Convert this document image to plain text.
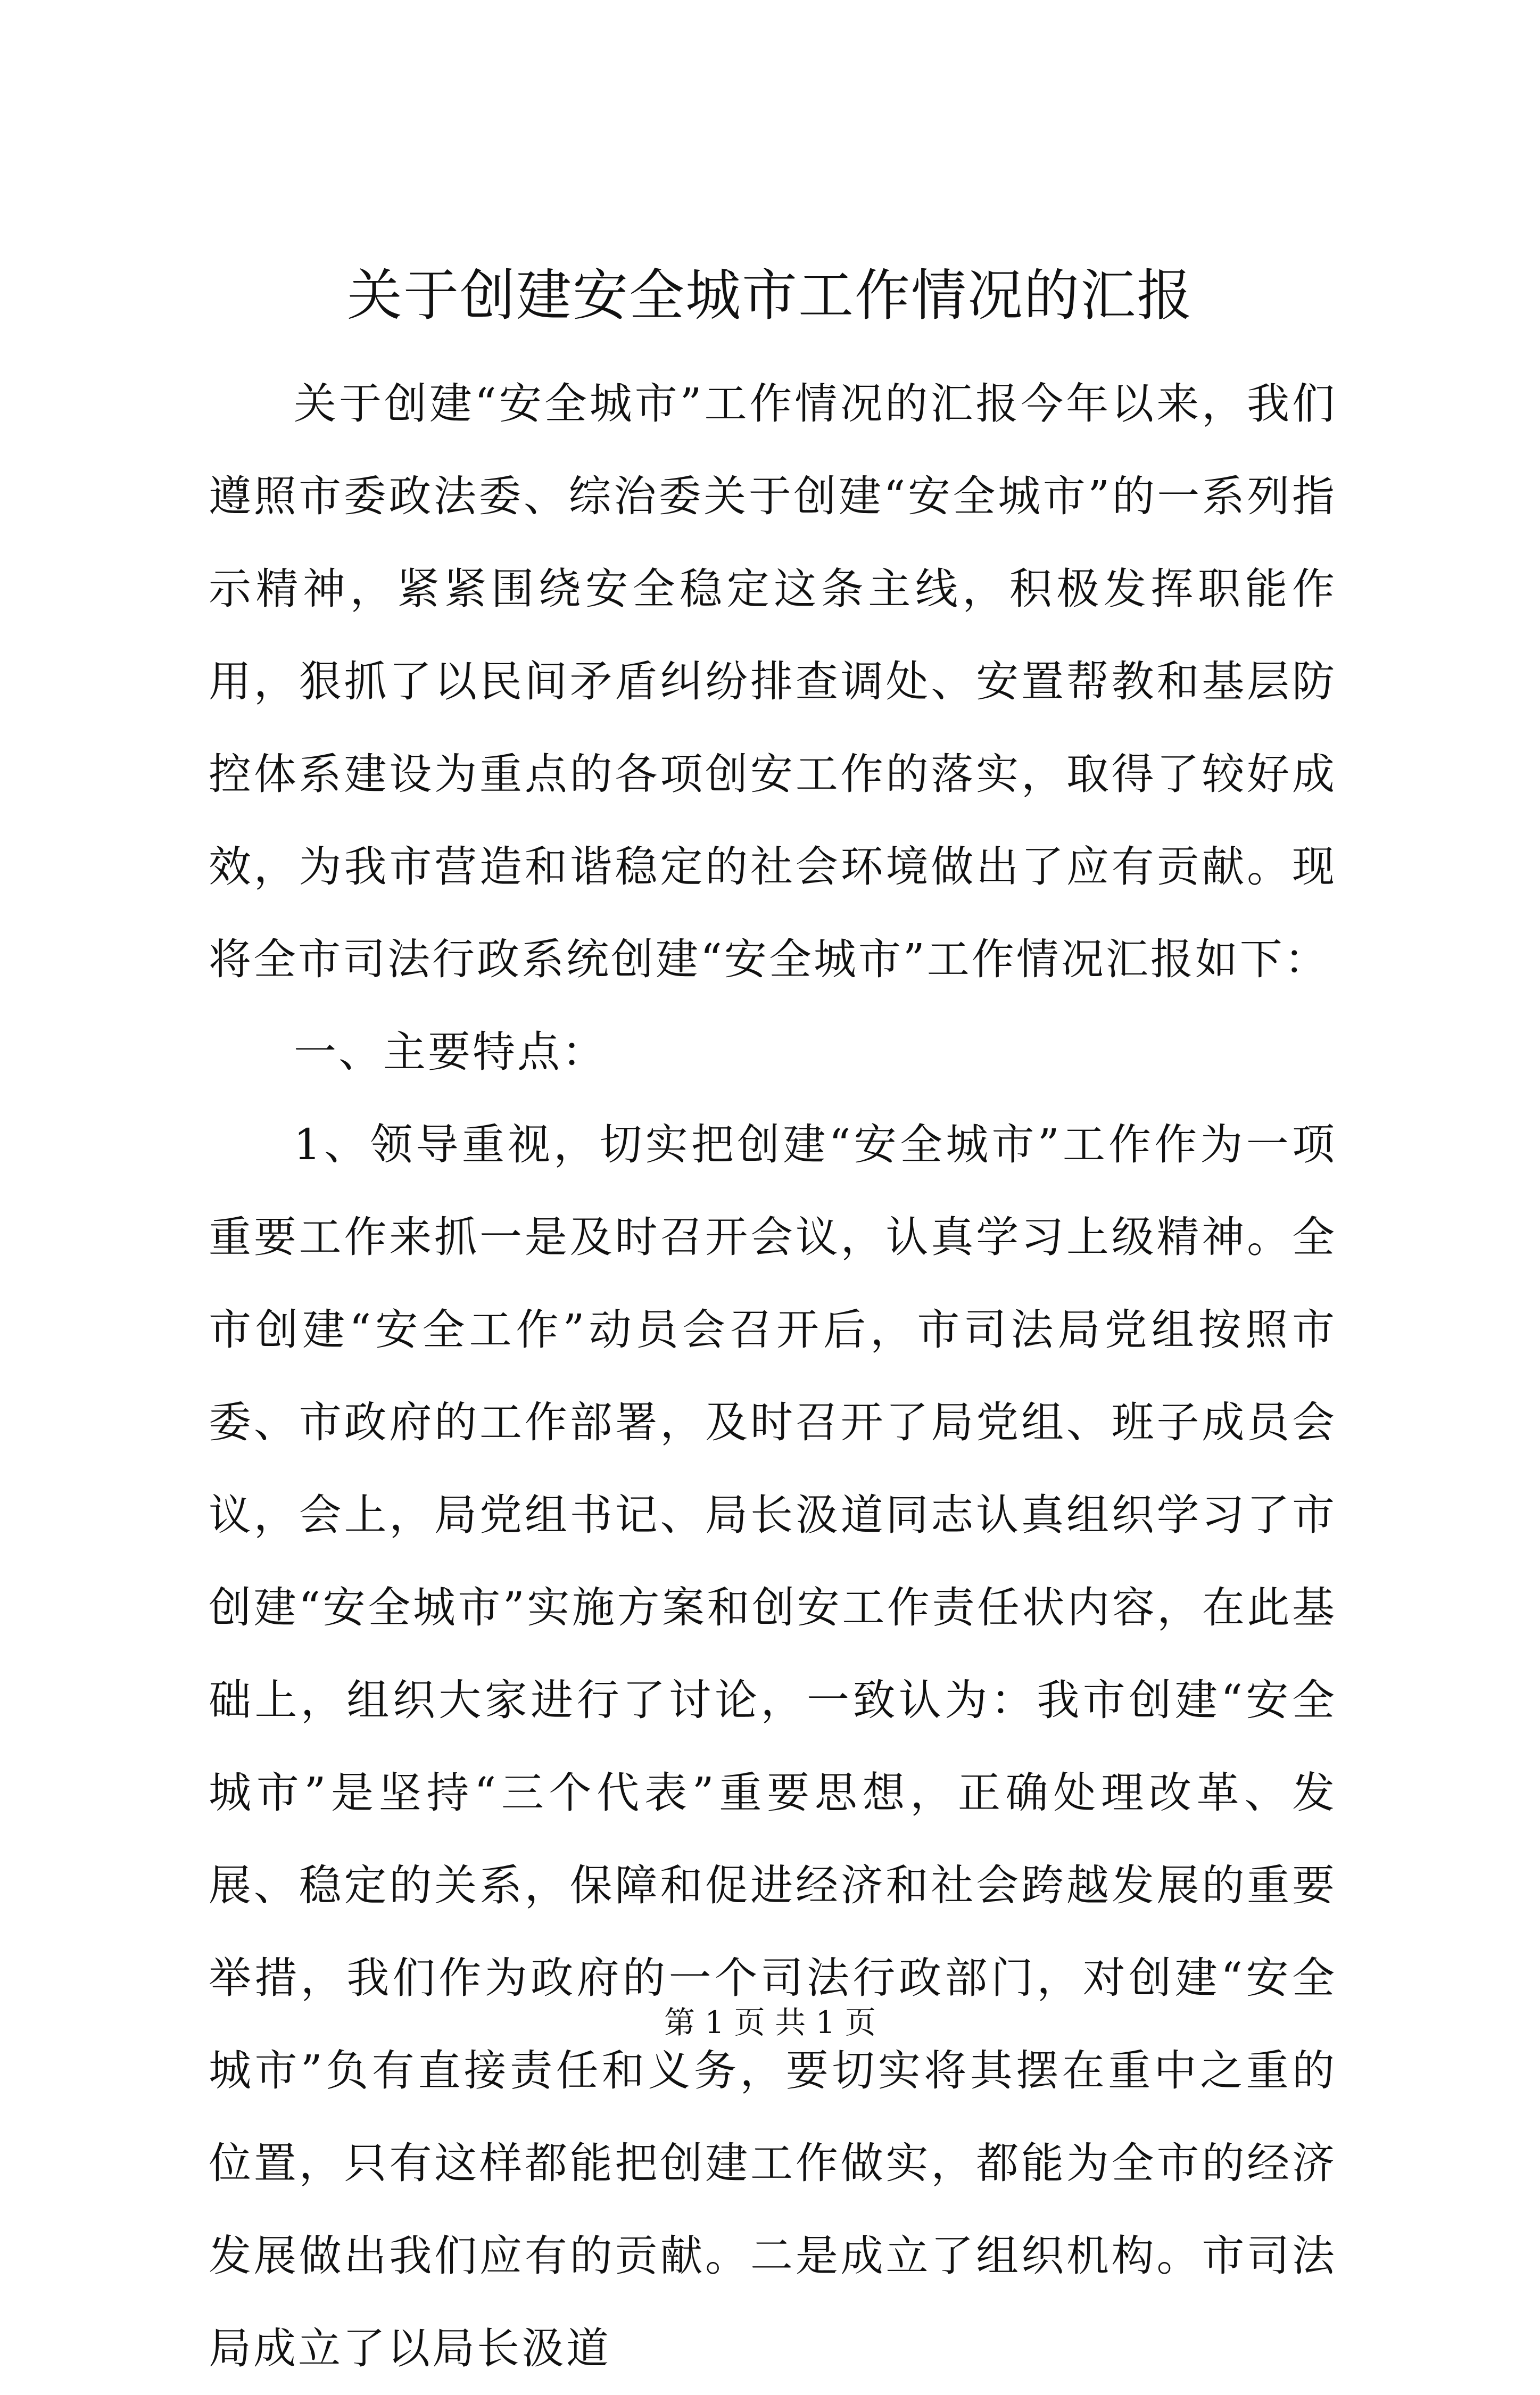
关于创建安全城市工作情况的汇报

关于创建“安全城市”工作情况的汇报今年以来，我们遵照市委政法委、综治委关于创建“安全城市”的一系列指示精神，紧紧围绕安全稳定这条主线，积极发挥职能作用，狠抓了以民间矛盾纠纷排查调处、安置帮教和基层防控体系建设为重点的各项创安工作的落实，取得了较好成效，为我市营造和谐稳定的社会环境做出了应有贡献。现将全市司法行政系统创建“安全城市”工作情况汇报如下：

一、主要特点：

1、领导重视，切实把创建“安全城市”工作作为一项重要工作来抓一是及时召开会议，认真学习上级精神。全市创建“安全工作”动员会召开后，市司法局党组按照市委、市政府的工作部署，及时召开了局党组、班子成员会议，会上，局党组书记、局长汲道同志认真组织学习了市创建“安全城市”实施方案和创安工作责任状内容，在此基础上，组织大家进行了讨论，一致认为：我市创建“安全城市”是坚持“三个代表”重要思想，正确处理改革、发展、稳定的关系，保障和促进经济和社会跨越发展的重要举措，我们作为政府的一个司法行政部门，对创建“安全城市”负有直接责任和义务，要切实将其摆在重中之重的位置，只有这样都能把创建工作做实，都能为全市的经济发展做出我们应有的贡献。二是成立了组织机构。市司法局成立了以局长汲道

第 1 页 共 1 页
